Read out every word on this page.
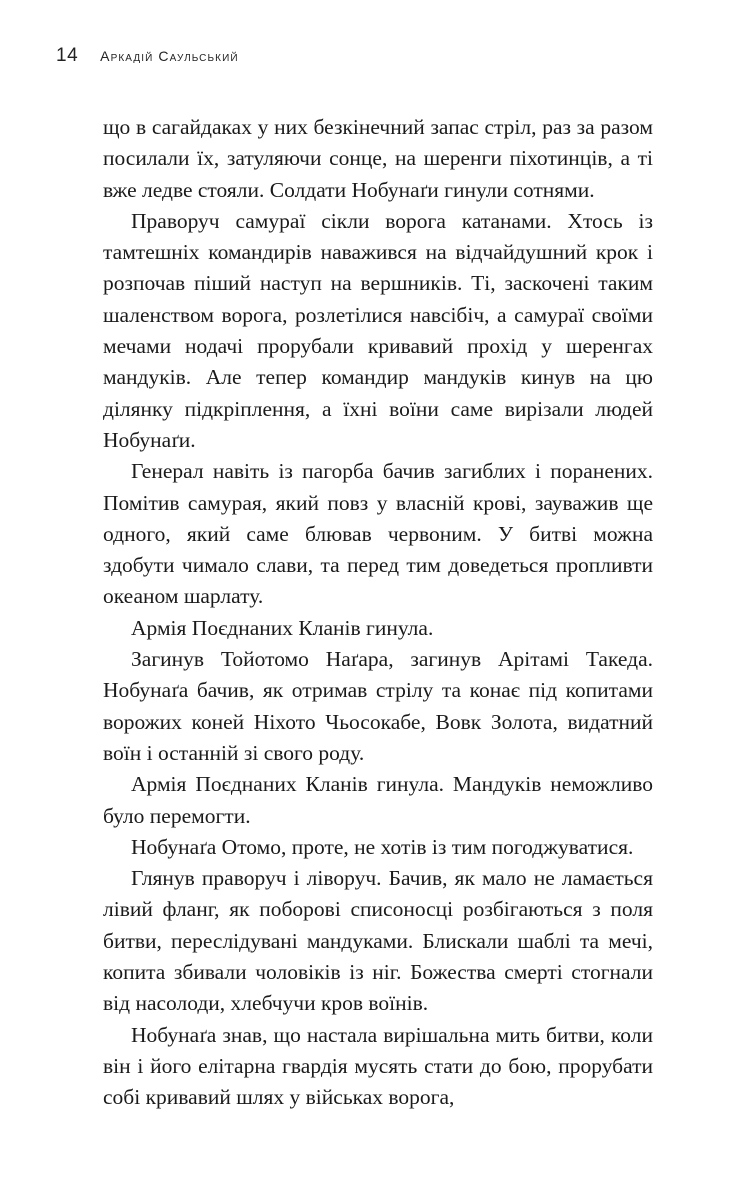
14 Аркадій Саульський

що в сагайдаках у них безкінечний запас стріл, раз за разом посилали їх, затуляючи сонце, на шеренги піхотинців, а ті вже ледве стояли. Солдати Нобунаґи гинули сотнями.

Праворуч самураї сікли ворога катанами. Хтось із тамтешніх командирів наважився на відчайдушний крок і розпочав піший наступ на вершників. Ті, заскочені таким шаленством ворога, розлетілися навсібіч, а самураї своїми мечами нодачі прорубали кривавий прохід у шеренгах мандуків. Але тепер командир мандуків кинув на цю ділянку підкріплення, а їхні воїни саме вирізали людей Нобунаґи.

Генерал навіть із пагорба бачив загиблих і поранених. Помітив самурая, який повз у власній крові, зауважив ще одного, який саме блював червоним. У битві можна здобути чимало слави, та перед тим доведеться пропливти океаном шарлату.

Армія Поєднаних Кланів гинула.

Загинув Тойотомо Наґара, загинув Арітамі Такеда. Нобунаґа бачив, як отримав стрілу та конає під копитами ворожих коней Ніхото Чьосокабе, Вовк Золота, видатний воїн і останній зі свого роду.

Армія Поєднаних Кланів гинула. Мандуків неможливо було перемогти.

Нобунаґа Отомо, проте, не хотів із тим погоджуватися.

Глянув праворуч і ліворуч. Бачив, як мало не ламається лівий фланг, як поборові списоносці розбігаються з поля битви, переслідувані мандуками. Блискали шаблі та мечі, копита збивали чоловіків із ніг. Божества смерті стогнали від насолоди, хлебчучи кров воїнів.

Нобунаґа знав, що настала вирішальна мить битви, коли він і його елітарна гвардія мусять стати до бою, прорубати собі кривавий шлях у військах ворога,
